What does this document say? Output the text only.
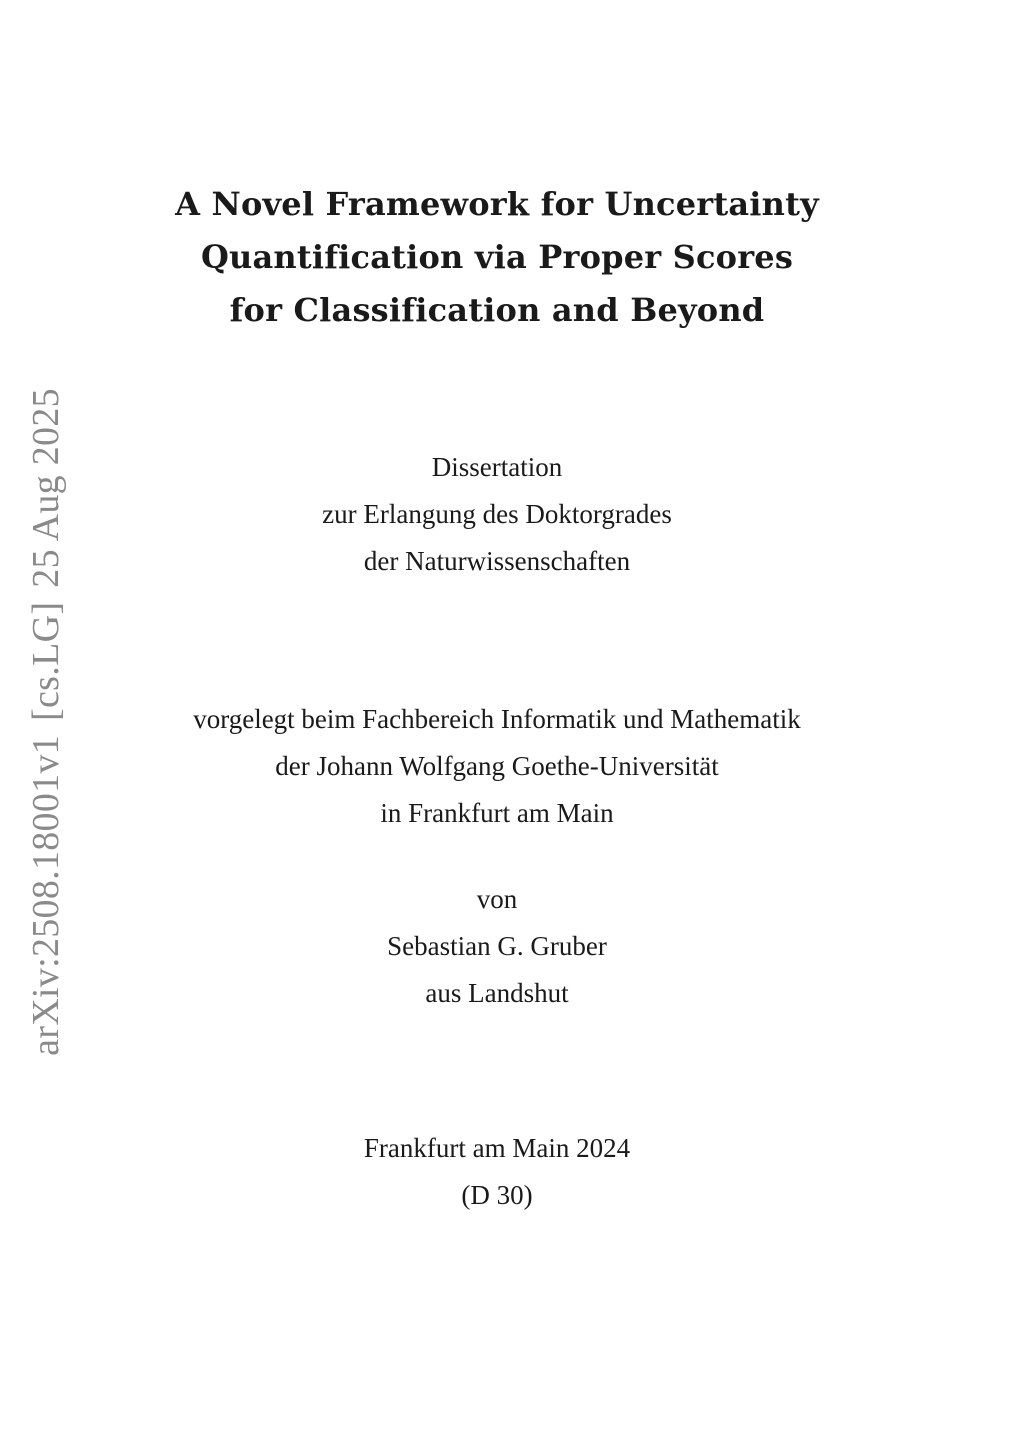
arXiv:2508.18001v1[cs.LG]25 Aug 2025
A Novel Framework for Uncertainty
Quantification via Proper Scores
for Classification and Beyond
Dissertation
zur Erlangung des Doktorgrades
der Naturwissenschaften
vorgelegt beim Fachbereich Informatik und Mathematik
der Johann Wolfgang Goethe-Universität
in Frankfurt am Main
von
Sebastian G. Gruber
aus Landshut
Frankfurt am Main 2024
(D 30)
